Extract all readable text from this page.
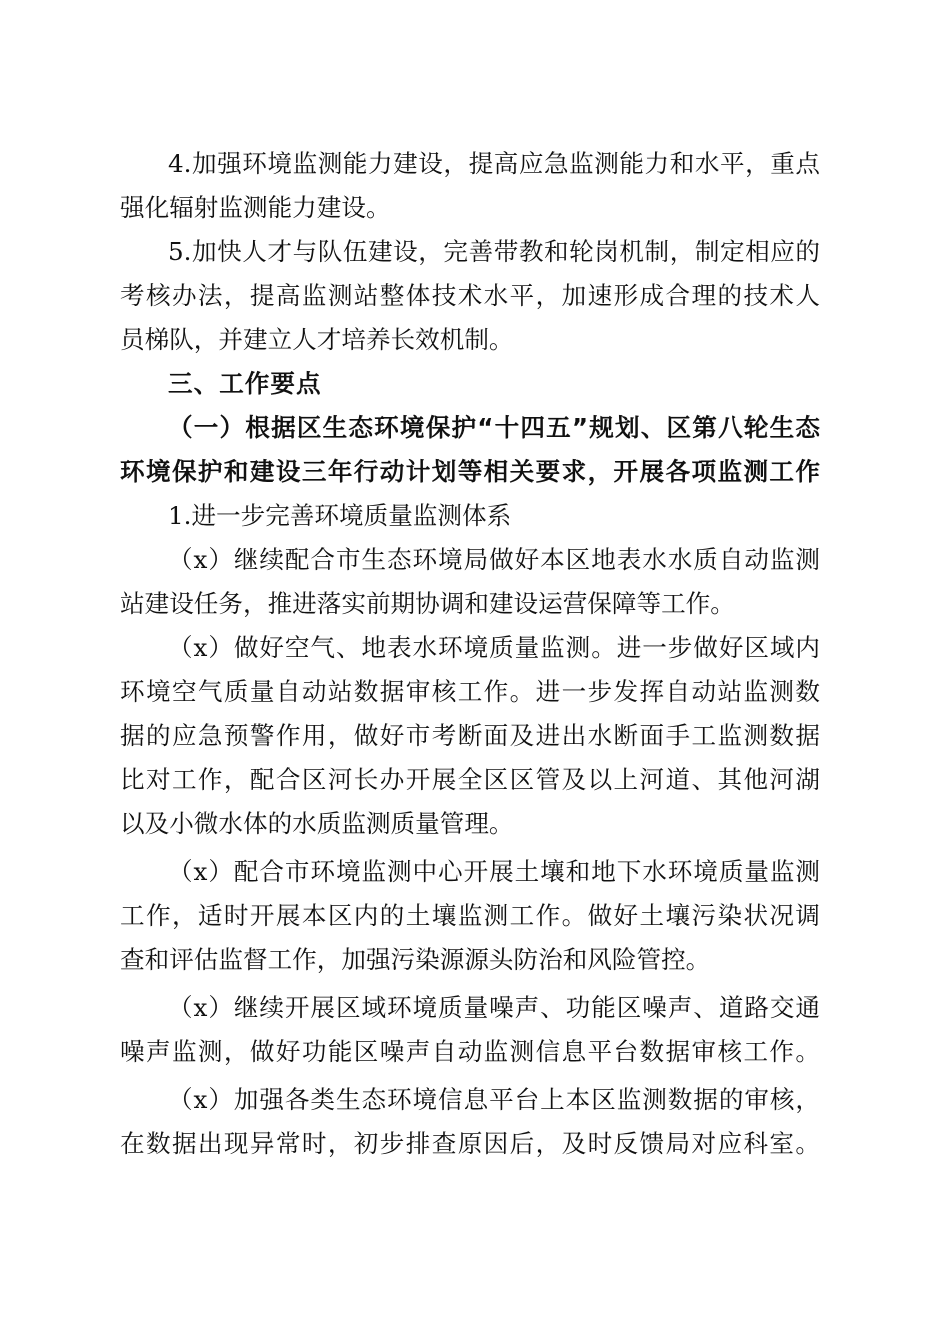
4.加强环境监测能力建设，提高应急监测能力和水平，重点

强化辐射监测能力建设。

5.加快人才与队伍建设，完善带教和轮岗机制，制定相应的

考核办法，提高监测站整体技术水平，加速形成合理的技术人

员梯队，并建立人才培养长效机制。

三、工作要点

（一）根据区生态环境保护“十四五”规划、区第八轮生态

环境保护和建设三年行动计划等相关要求，开展各项监测工作

1.进一步完善环境质量监测体系

（x）继续配合市生态环境局做好本区地表水水质自动监测

站建设任务，推进落实前期协调和建设运营保障等工作。

（x）做好空气、地表水环境质量监测。进一步做好区域内

环境空气质量自动站数据审核工作。进一步发挥自动站监测数

据的应急预警作用，做好市考断面及进出水断面手工监测数据

比对工作，配合区河长办开展全区区管及以上河道、其他河湖

以及小微水体的水质监测质量管理。

（x）配合市环境监测中心开展土壤和地下水环境质量监测

工作，适时开展本区内的土壤监测工作。做好土壤污染状况调

查和评估监督工作，加强污染源源头防治和风险管控。

（x）继续开展区域环境质量噪声、功能区噪声、道路交通

噪声监测，做好功能区噪声自动监测信息平台数据审核工作。

（x）加强各类生态环境信息平台上本区监测数据的审核，

在数据出现异常时，初步排查原因后，及时反馈局对应科室。
